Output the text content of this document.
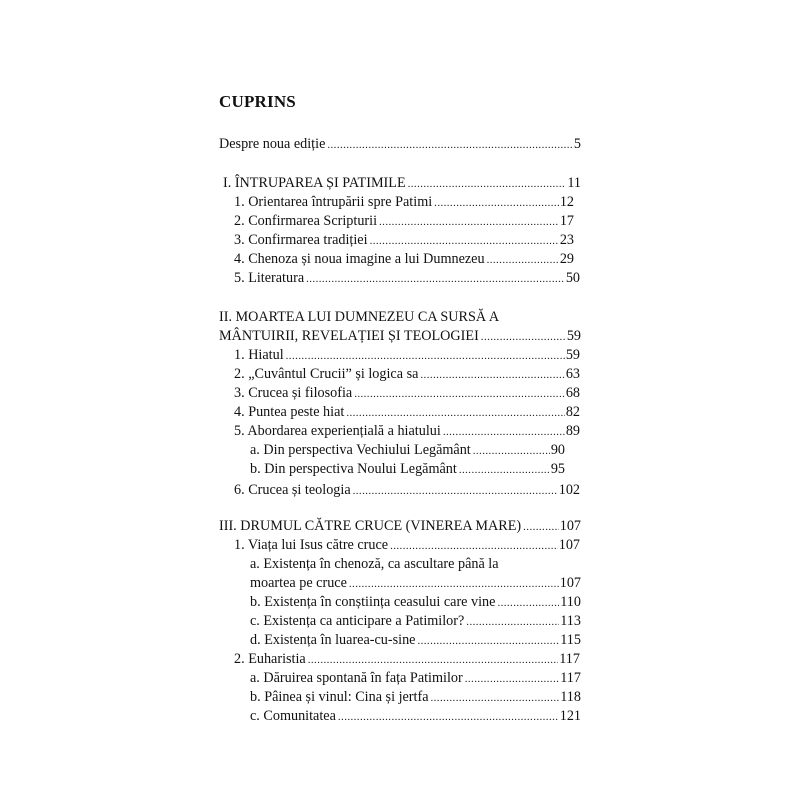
CUPRINS
Despre noua ediție .....	5
I. ÎNTRUPAREA ȘI PATIMILE .....	11
1. Orientarea întrupării spre Patimi .....	12
2. Confirmarea Scripturii .....	17
3. Confirmarea tradiției .....	23
4. Chenoza și noua imagine a lui Dumnezeu .....	29
5. Literatura .....	50
II. MOARTEA LUI DUMNEZEU CA SURSĂ A
MÂNTUIRII, REVELAȚIEI ȘI TEOLOGIEI .....	59
1. Hiatul .....	59
2. „Cuvântul Crucii” și logica sa .....	63
3. Crucea și filosofia .....	68
4. Puntea peste hiat .....	82
5. Abordarea experiențială a hiatului .....	89
a. Din perspectiva Vechiului Legământ .....	90
b. Din perspectiva Noului Legământ .....	95
6. Crucea și teologia .....	102
III. DRUMUL CĂTRE CRUCE (VINEREA MARE) .....	107
1. Viața lui Isus către cruce .....	107
a. Existența în chenoză, ca ascultare până la
moartea pe cruce .....	107
b. Existența în conștiința ceasului care vine .....	110
c. Existența ca anticipare a Patimilor? .....	113
d. Existența în luarea-cu-sine .....	115
2. Euharistia .....	117
a. Dăruirea spontană în fața Patimilor .....	117
b. Pâinea și vinul: Cina și jertfa .....	118
c. Comunitatea .....	121
